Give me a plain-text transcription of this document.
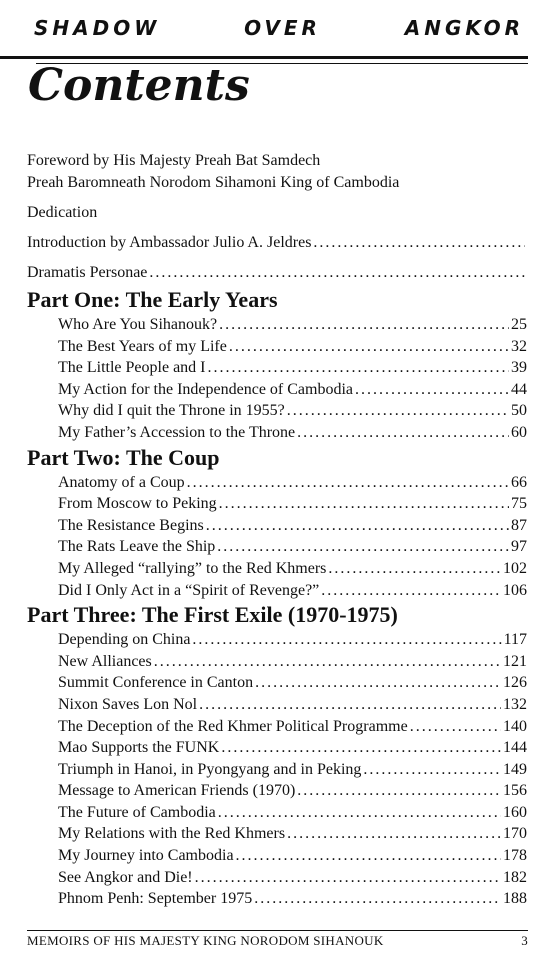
SHADOW	OVER	ANGKOR
Contents
Foreword by His Majesty Preah Bat Samdech
Preah Baromneath Norodom Sihamoni King of Cambodia
Dedication
Introduction by Ambassador Julio A. Jeldres
. . .
Dramatis Personae
. . .
Part One: The Early Years
Who Are You Sihanouk? . . .	25
The Best Years of my Life . . .	32
The Little People and I . . .	39
My Action for the Independence of Cambodia . . .	44
Why did I quit the Throne in 1955? . . .	50
My Father’s Accession to the Throne . . .	60
Part Two: The Coup
Anatomy of a Coup . . .	66
From Moscow to Peking . . .	75
The Resistance Begins . . .	87
The Rats Leave the Ship . . .	97
My Alleged “rallying” to the Red Khmers . . .	102
Did I Only Act in a “Spirit of Revenge?” . . .	106
Part Three: The First Exile (1970-1975)
Depending on China . . .	117
New Alliances . . .	121
Summit Conference in Canton . . .	126
Nixon Saves Lon Nol . . .	132
The Deception of the Red Khmer Political Programme . . .	140
Mao Supports the FUNK . . .	144
Triumph in Hanoi, in Pyongyang and in Peking . . .	149
Message to American Friends (1970) . . .	156
The Future of Cambodia . . .	160
My Relations with the Red Khmers . . .	170
My Journey into Cambodia . . .	178
See Angkor and Die! . . .	182
Phnom Penh: September 1975 . . .	188
MEMOIRS OF HIS MAJESTY KING NORODOM SIHANOUK	3
